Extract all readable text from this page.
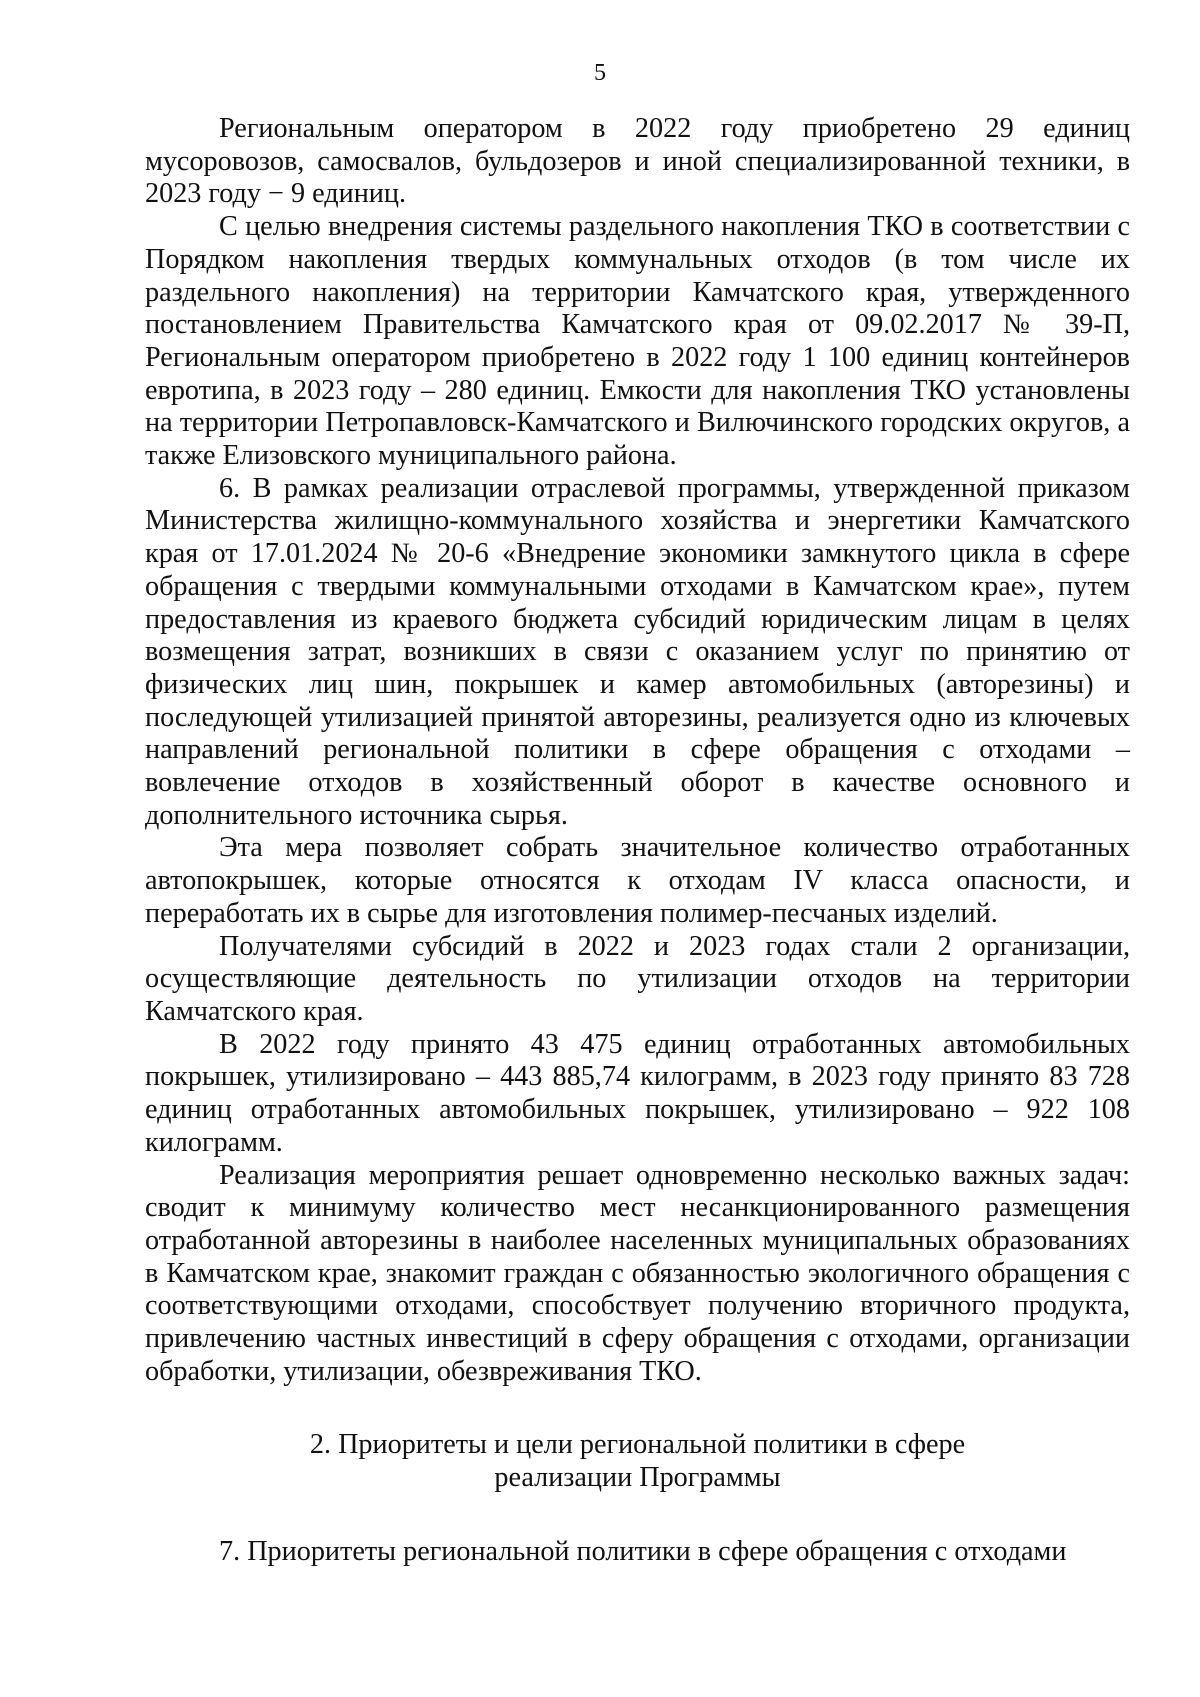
5

Региональным оператором в 2022 году приобретено 29 единиц мусоровозов, самосвалов, бульдозеров и иной специализированной техники, в 2023 году − 9 единиц.

С целью внедрения системы раздельного накопления ТКО в соответствии с Порядком накопления твердых коммунальных отходов (в том числе их раздельного накопления) на территории Камчатского края, утвержденного постановлением Правительства Камчатского края от 09.02.2017 № 39-П, Региональным оператором приобретено в 2022 году 1 100 единиц контейнеров евротипа, в 2023 году – 280 единиц. Емкости для накопления ТКО установлены на территории Петропавловск-Камчатского и Вилючинского городских округов, а также Елизовского муниципального района.

6. В рамках реализации отраслевой программы, утвержденной приказом Министерства жилищно-коммунального хозяйства и энергетики Камчатского края от 17.01.2024 № 20-6 «Внедрение экономики замкнутого цикла в сфере обращения с твердыми коммунальными отходами в Камчатском крае», путем предоставления из краевого бюджета субсидий юридическим лицам в целях возмещения затрат, возникших в связи с оказанием услуг по принятию от физических лиц шин, покрышек и камер автомобильных (авторезины) и последующей утилизацией принятой авторезины, реализуется одно из ключевых направлений региональной политики в сфере обращения с отходами – вовлечение отходов в хозяйственный оборот в качестве основного и дополнительного источника сырья.

Эта мера позволяет собрать значительное количество отработанных автопокрышек, которые относятся к отходам IV класса опасности, и переработать их в сырье для изготовления полимер-песчаных изделий.

Получателями субсидий в 2022 и 2023 годах стали 2 организации, осуществляющие деятельность по утилизации отходов на территории Камчатского края.

В 2022 году принято 43 475 единиц отработанных автомобильных покрышек, утилизировано – 443 885,74 килограмм, в 2023 году принято 83 728 единиц отработанных автомобильных покрышек, утилизировано – 922 108 килограмм.

Реализация мероприятия решает одновременно несколько важных задач: сводит к минимуму количество мест несанкционированного размещения отработанной авторезины в наиболее населенных муниципальных образованиях в Камчатском крае, знакомит граждан с обязанностью экологичного обращения с соответствующими отходами, способствует получению вторичного продукта, привлечению частных инвестиций в сферу обращения с отходами, организации обработки, утилизации, обезвреживания ТКО.

2. Приоритеты и цели региональной политики в сфере
реализации Программы

7. Приоритеты региональной политики в сфере обращения с отходами
